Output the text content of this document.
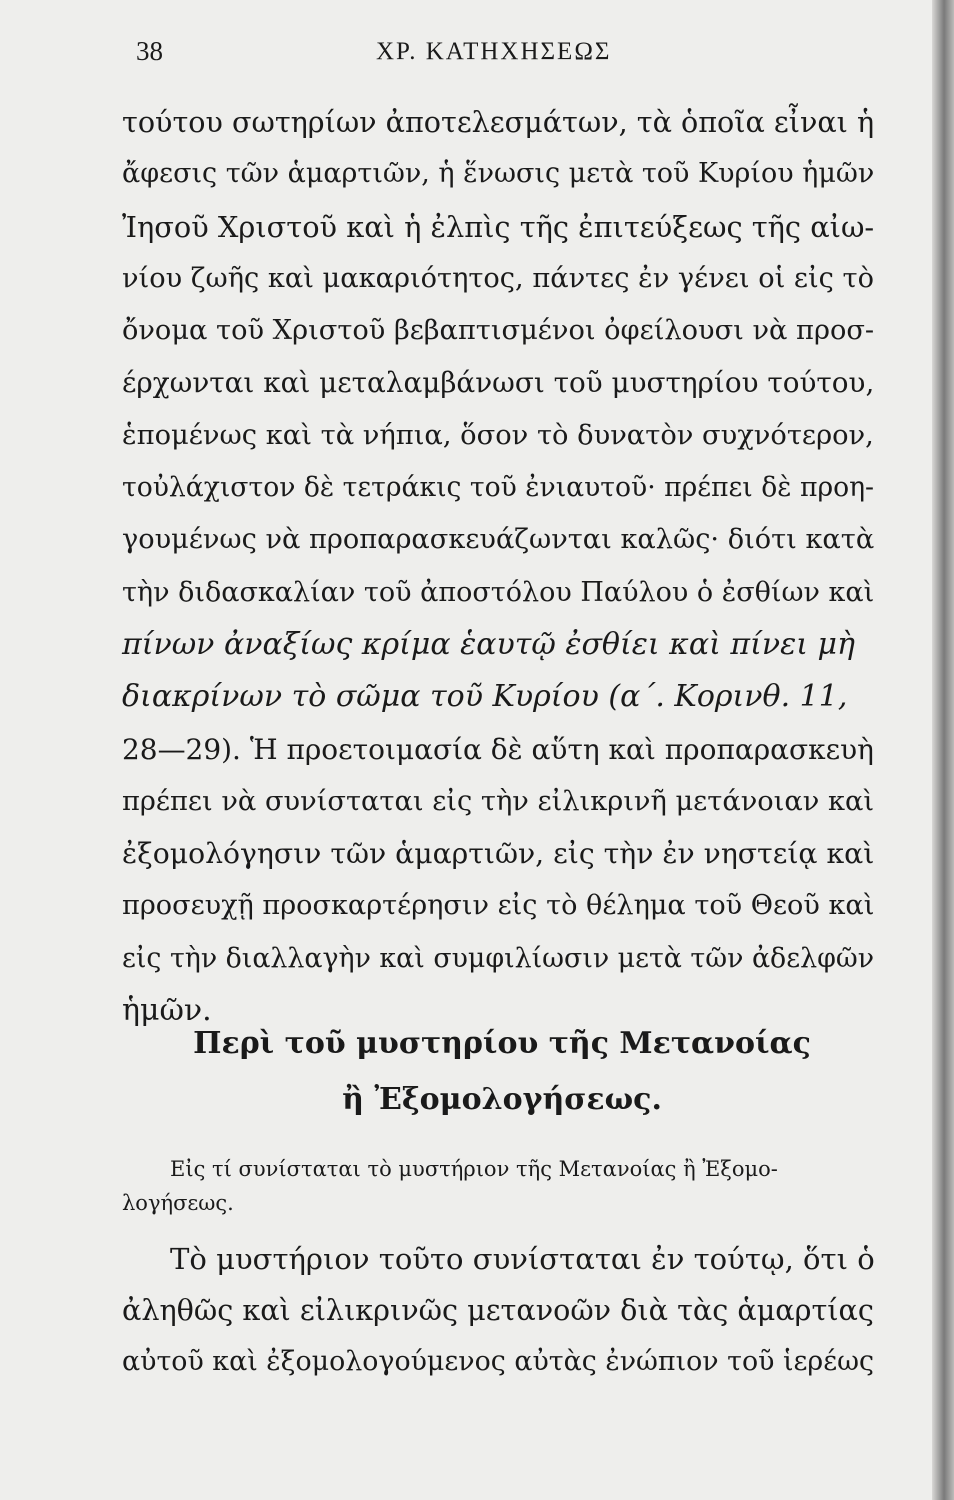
38	ΧΡ. ΚΑΤΗΧΗΣΕΩΣ
τούτου σωτηρίων ἀποτελεσμάτων, τὰ ὁποῖα εἶναι ἡ
ἄφεσις τῶν ἁμαρτιῶν, ἡ ἕνωσις μετὰ τοῦ Κυρίου ἡμῶν
Ἰησοῦ Χριστοῦ καὶ ἡ ἐλπὶς τῆς ἐπιτεύξεως τῆς αἰω-
νίου ζωῆς καὶ μακαριότητος, πάντες ἐν γένει οἱ εἰς τὸ
ὄνομα τοῦ Χριστοῦ βεβαπτισμένοι ὀφείλουσι νὰ προσ-
έρχωνται καὶ μεταλαμβάνωσι τοῦ μυστηρίου τούτου,
ἑπομένως καὶ τὰ νήπια, ὅσον τὸ δυνατὸν συχνότερον,
τοὐλάχιστον δὲ τετράκις τοῦ ἐνιαυτοῦ· πρέπει δὲ προη-
γουμένως νὰ προπαρασκευάζωνται καλῶς· διότι κατὰ
τὴν διδασκαλίαν τοῦ ἀποστόλου Παύλου ὁ ἐσθίων καὶ
πίνων ἀναξίως κρίμα ἑαυτῷ ἐσθίει καὶ πίνει μὴ
διακρίνων τὸ σῶμα τοῦ Κυρίου (α΄. Κορινθ. 11,
28—29). Ἡ προετοιμασία δὲ αὕτη καὶ προπαρασκευὴ
πρέπει νὰ συνίσταται εἰς τὴν εἰλικρινῆ μετάνοιαν καὶ
ἐξομολόγησιν τῶν ἁμαρτιῶν, εἰς τὴν ἐν νηστείᾳ καὶ
προσευχῇ προσκαρτέρησιν εἰς τὸ θέλημα τοῦ Θεοῦ καὶ
εἰς τὴν διαλλαγὴν καὶ συμφιλίωσιν μετὰ τῶν ἀδελφῶν
ἡμῶν.
Περὶ τοῦ μυστηρίου τῆς Μετανοίας
ἢ Ἐξομολογήσεως.
Εἰς τί συνίσταται τὸ μυστήριον τῆς Μετανοίας ἢ Ἐξομο-
λογήσεως.
Τὸ μυστήριον τοῦτο συνίσταται ἐν τούτῳ, ὅτι ὁ
ἀληθῶς καὶ εἰλικρινῶς μετανοῶν διὰ τὰς ἁμαρτίας
αὐτοῦ καὶ ἐξομολογούμενος αὐτὰς ἐνώπιον τοῦ ἱερέως
